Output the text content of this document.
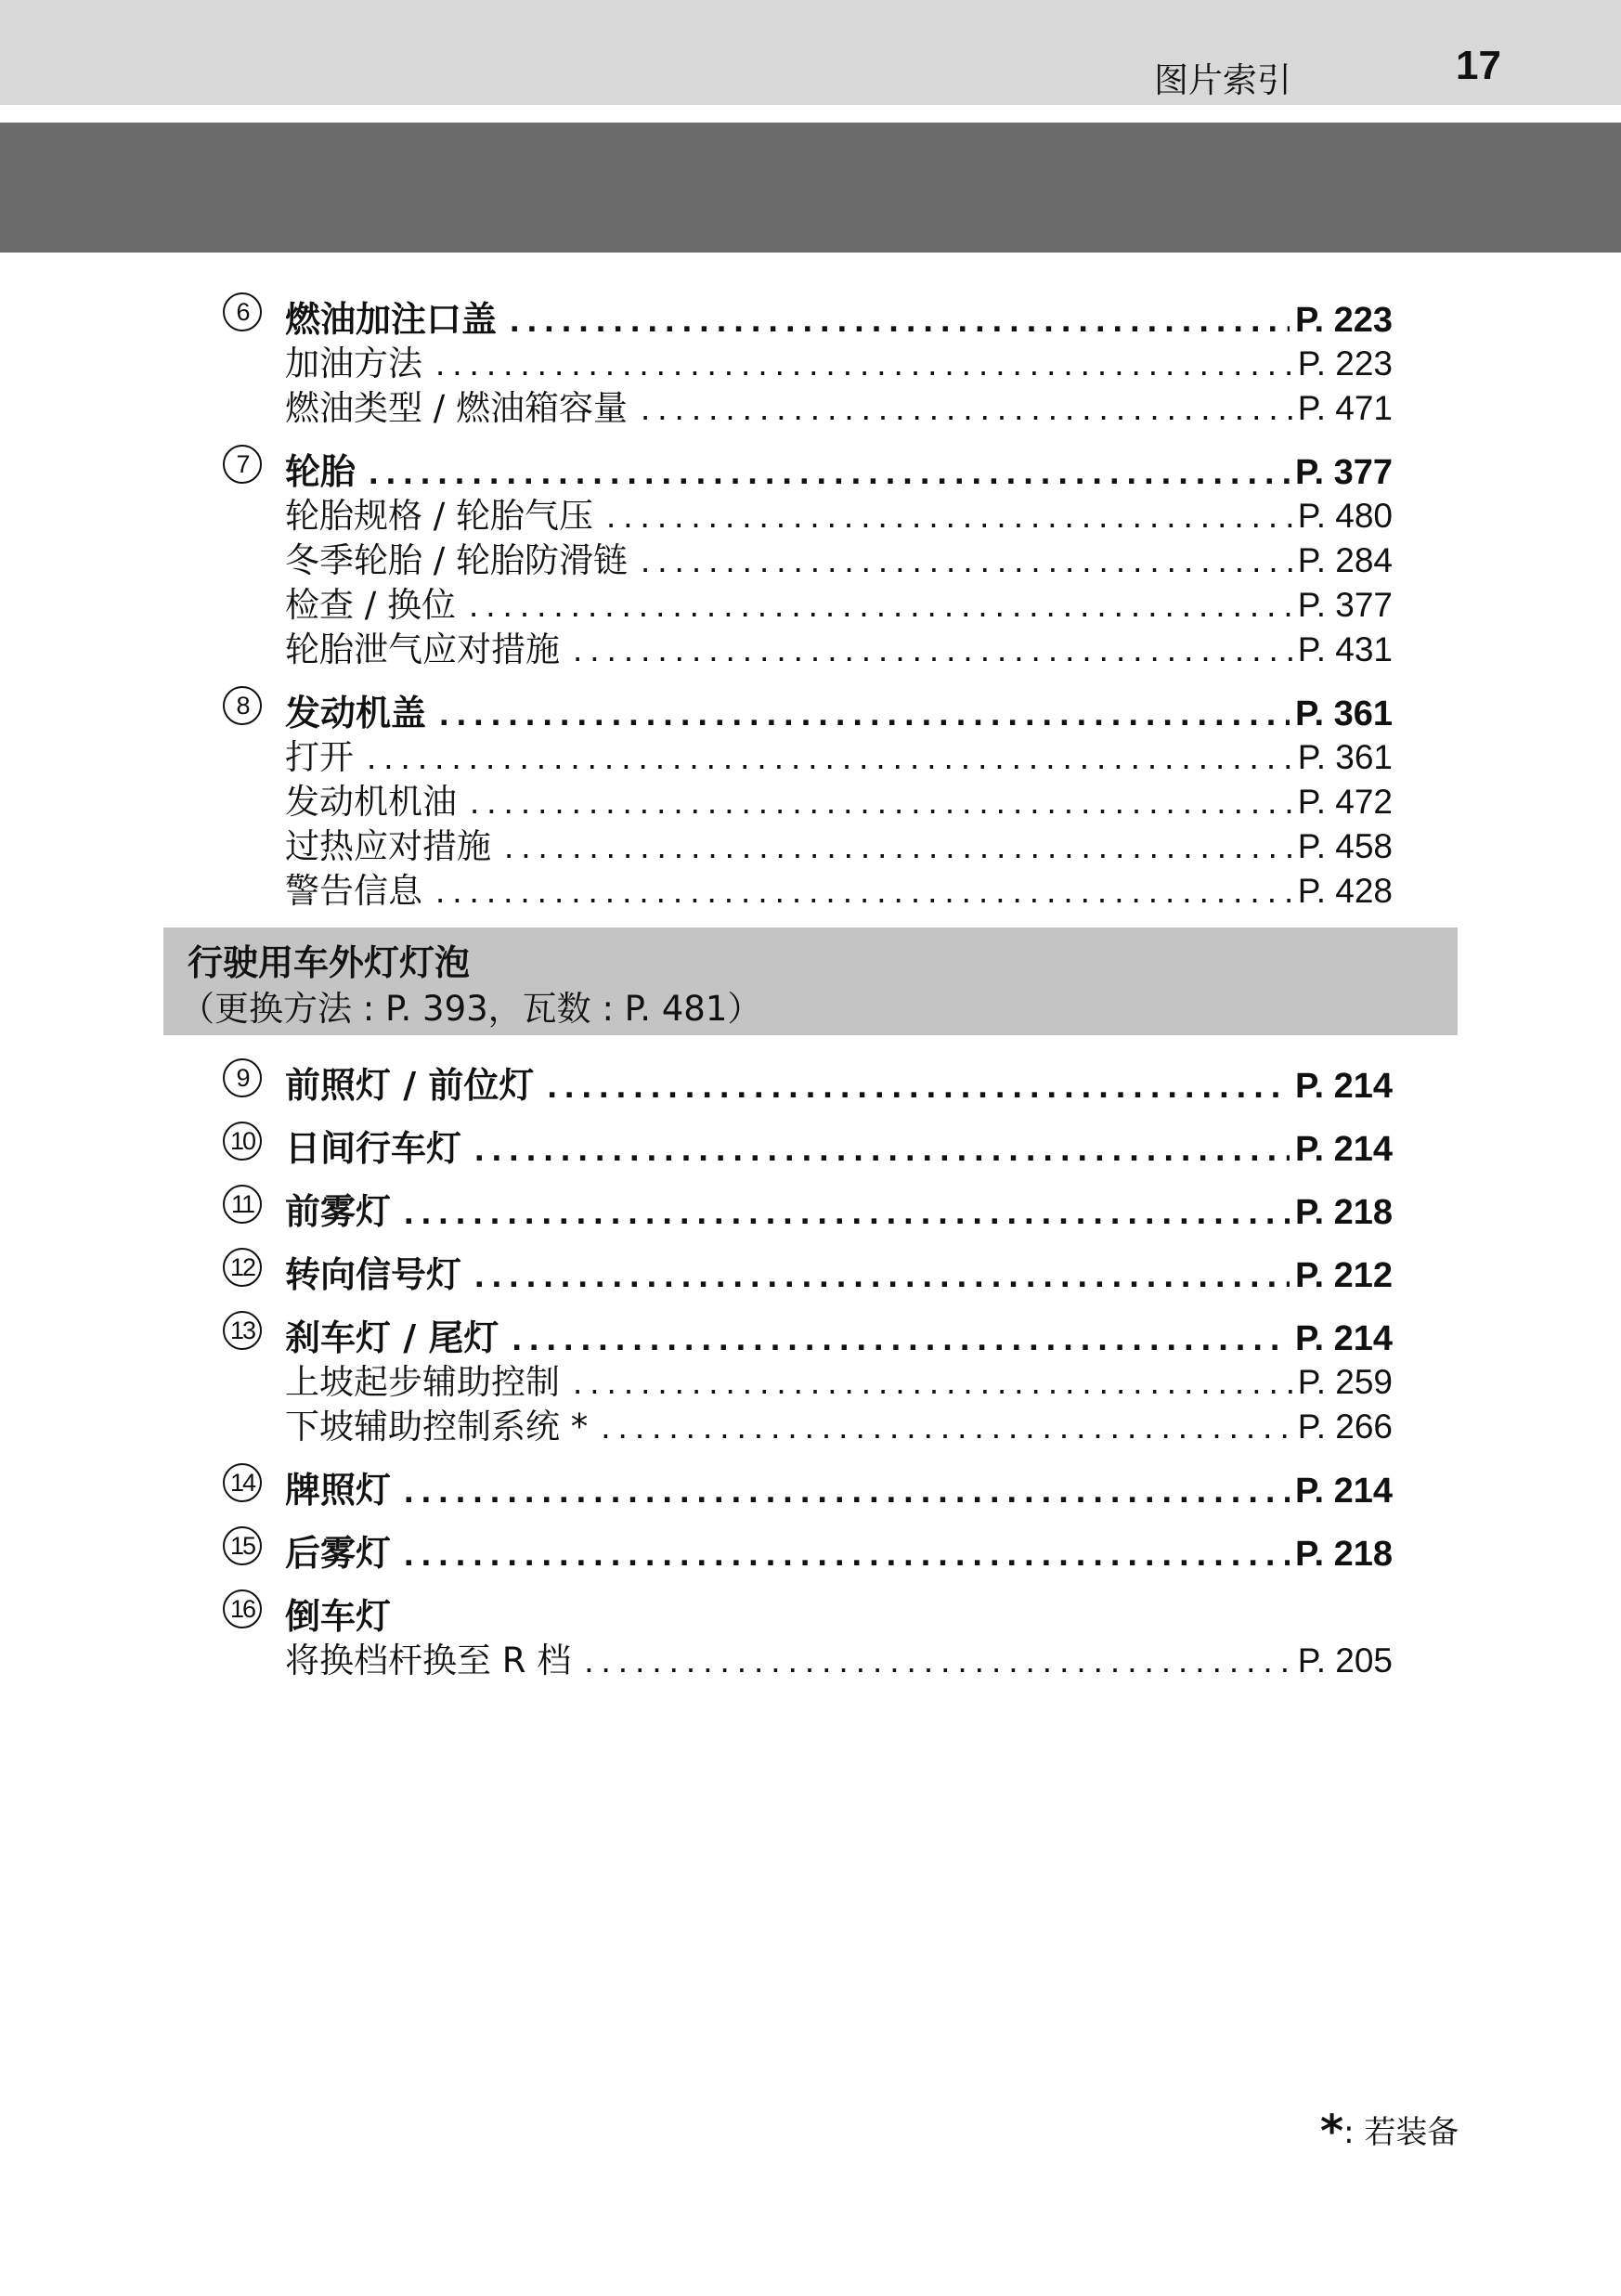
图片索引	17
6	燃油加注口盖 .....	P. 223
加油方法 .....	P. 223
燃油类型 / 燃油箱容量 .....	P. 471
7	轮胎 .....	P. 377
轮胎规格 / 轮胎气压 .....	P. 480
冬季轮胎 / 轮胎防滑链 .....	P. 284
检查 / 换位 .....	P. 377
轮胎泄气应对措施 .....	P. 431
8	发动机盖 .....	P. 361
打开 .....	P. 361
发动机机油 .....	P. 472
过热应对措施 .....	P. 458
警告信息 .....	P. 428
行驶用车外灯灯泡
（更换方法 : P. 393，瓦数 : P. 481）
9	前照灯 / 前位灯 .....	P. 214
10 日间行车灯 .....	P. 214
11 前雾灯 .....	P. 218
12 转向信号灯 .....	P. 212
13 刹车灯 / 尾灯 .....	P. 214
上坡起步辅助控制 .....	P. 259
下坡辅助控制系统 * .....	P. 266
14 牌照灯 .....	P. 214
15 后雾灯 .....	P. 218
16 倒车灯
将换档杆换至 R 档 .....	P. 205
*: 若装备
